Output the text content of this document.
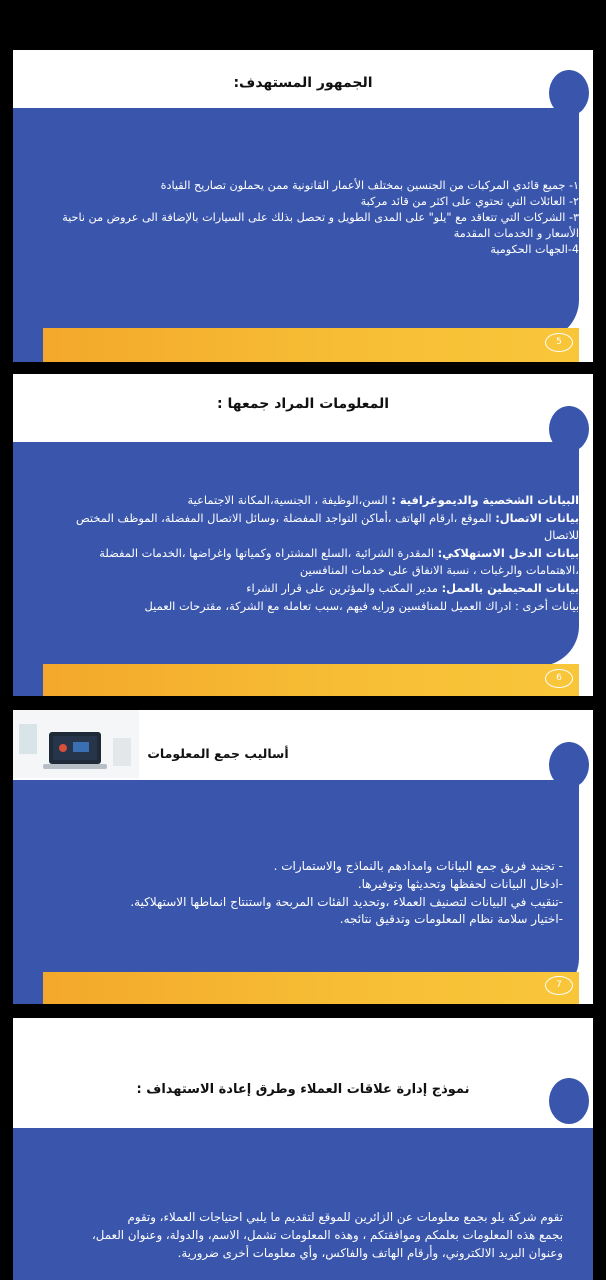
الجمهور المستهدف:
١- جميع قائدي المركبات من الجنسين بمختلف الأعمار القانونية ممن يحملون تصاريح القيادة
٢- العائلات التي تحتوي على اكثر من قائد مركبة
٣- الشركات التي تتعاقد مع "يلو" على المدى الطويل و تحصل بذلك على السيارات بالإضافة الى عروض من ناحية الأسعار و الخدمات المقدمة
4-الجهات الحكومية
5
المعلومات المراد جمعها :
البيانات الشخصية والديموغرافية : السن،الوظيفة ، الجنسية،المكانة الاجتماعية
بيانات الاتصال: الموقع ،ارقام الهاتف ،أماكن التواجد المفضلة ،وسائل الاتصال المفضلة، الموظف المختص للاتصال
بيانات الدخل الاستهلاكي: المقدرة الشرائية ،السلع المشتراه وكمياتها واغراضها ،الخدمات المفضلة ،الاهتمامات والرغبات ، نسبة الانفاق على خدمات المنافسين
بيانات المحيطين بالعمل: مدير المكتب والمؤثرين على قرار الشراء
بيانات أخرى : ادراك العميل للمنافسين ورايه فيهم ،سبب تعامله مع الشركة، مقترحات العميل
6
أساليب جمع المعلومات
- تجنيد فريق جمع البيانات وامدادهم بالنماذج والاستمارات .
-ادخال البيانات لحفظها وتحديثها وتوفيرها.
-تنقيب في البيانات لتصنيف العملاء ،وتحديد الفئات المربحة واستنتاج انماطها الاستهلاكية.
-اختيار سلامة نظام المعلومات وتدقيق نتائجه.
7
نموذج إدارة علاقات العملاء وطرق إعادة الاستهداف :
تقوم شركة يلو بجمع معلومات عن الزائرين للموقع لتقديم ما يلبي احتياجات العملاء، وتقوم
بجمع هذه المعلومات بعلمكم وموافقتكم ، وهذه المعلومات تشمل، الاسم، والدولة، وعنوان العمل،
وعنوان البريد الالكتروني، وأرقام الهاتف والفاكس، وأي معلومات أخرى ضرورية.
